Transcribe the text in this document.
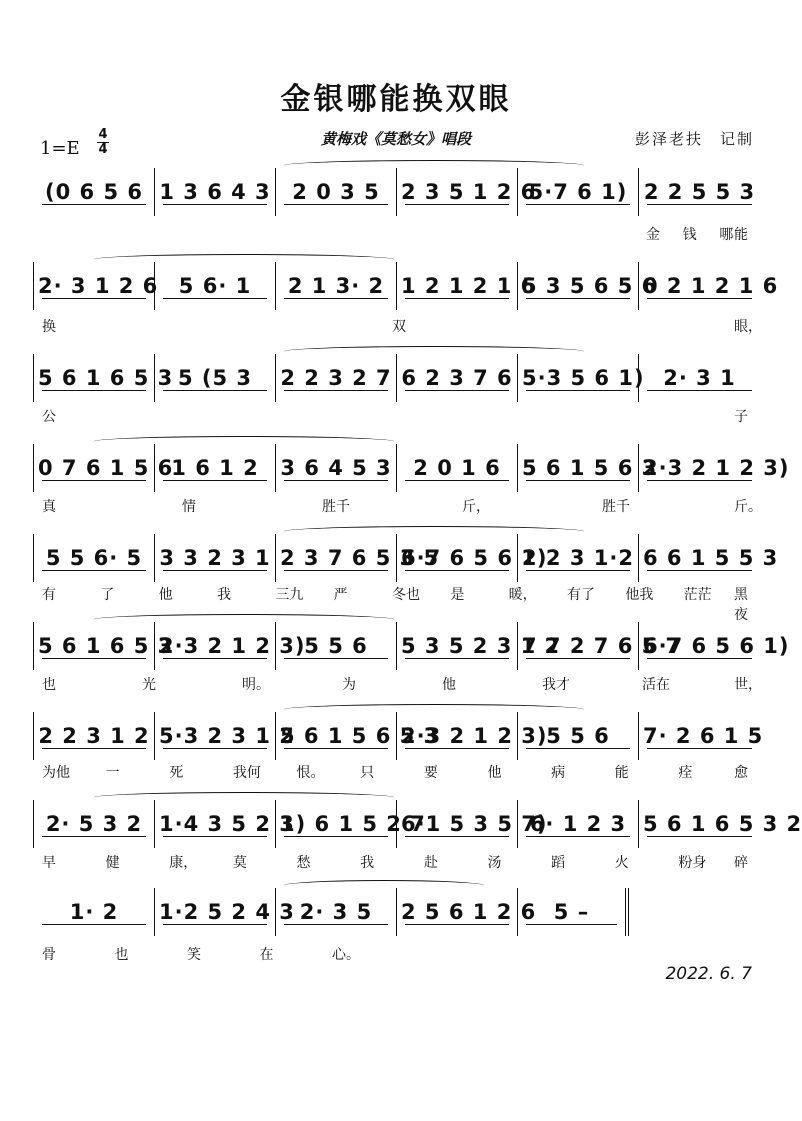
金银哪能换双眼
1=E
4
4
黄梅戏《莫愁女》唱段	彭泽老扶　记制
(0 6 5 6 1 3 6 4 3 2 0 3 5 2 3 5 1 2 6
5·7 6 1) 2 2 5 5 3
金 钱 哪 能
2· 3 1 2 6 5 6· 1 2 1 3· 2 1 2 1 2 1 6
5 3 5 6 5 6
0 2 1 2 1 6
换	双	眼，
5 6 1 6 5 3 5 (5 3 2 2 3 2 7 6 2 3 7 6 5·3 5 6 1) 2· 3 1
公	子
0 7 6 1 5 6
1 6 1 2 3 6 4 5 3 2 0 1 6 5 6 1 5 6 3
2·3 2 1 2 3)
真	情	胜千	斤，	胜千	斤。
5 5 6· 5 3 3 2 3 1 2 3 7 6 5 3 5
6·7 6 5 6 1)
2 2 3 1·2 6 6 1 5 5 3
有	了	他	我	三九 严	冬也 是	暖， 有了 他我 茫茫 黑夜
5 6 1 6 5 3
2·3 2 1 2 3)
5 5 6 5 3 5 2 3 1 2
7 7 2 7 6 5 7
6·7 6 5 6 1)
也	光	明。	为	他	我才	活在	世，
2 2 3 1 2 5·3 2 3 1 2
5 6 1 5 6 5 3
2·3 2 1 2 3)
5 5 6 7· 2 6 1 5
为他	一	死	我何	恨。	只	要	他	病	能	痊	愈
2· 5 3 2 1·4 3 5 2 3
1) 6 1 5 2 7
6·1 5 3 5 7)
6· 1 2 3 5 6 1 6 5 3 2
早	健	康，	莫	愁	我	赴	汤	蹈	火	粉身 碎
1· 2 1·2 5 2 4 3 2· 3 5 2 5 6 1 2 6 5 –
骨	也	笑	在	心。
2022. 6. 7
